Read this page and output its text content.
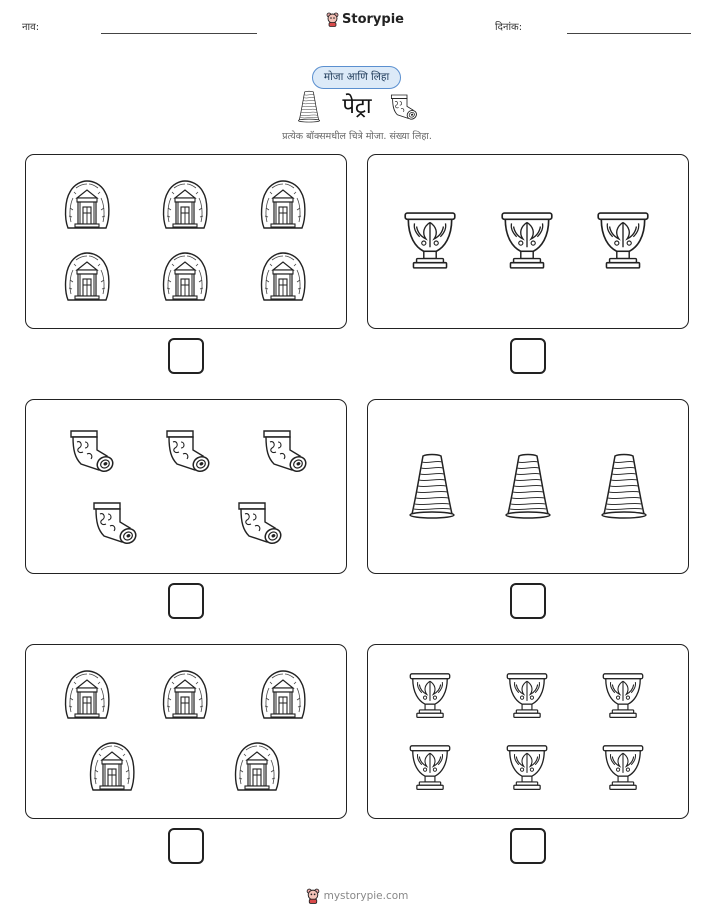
नाव:
Storypie
दिनांक:
मोजा आणि लिहा
पेट्रा
प्रत्येक बॉक्समधील चित्रे मोजा. संख्या लिहा.
mystorypie.com
